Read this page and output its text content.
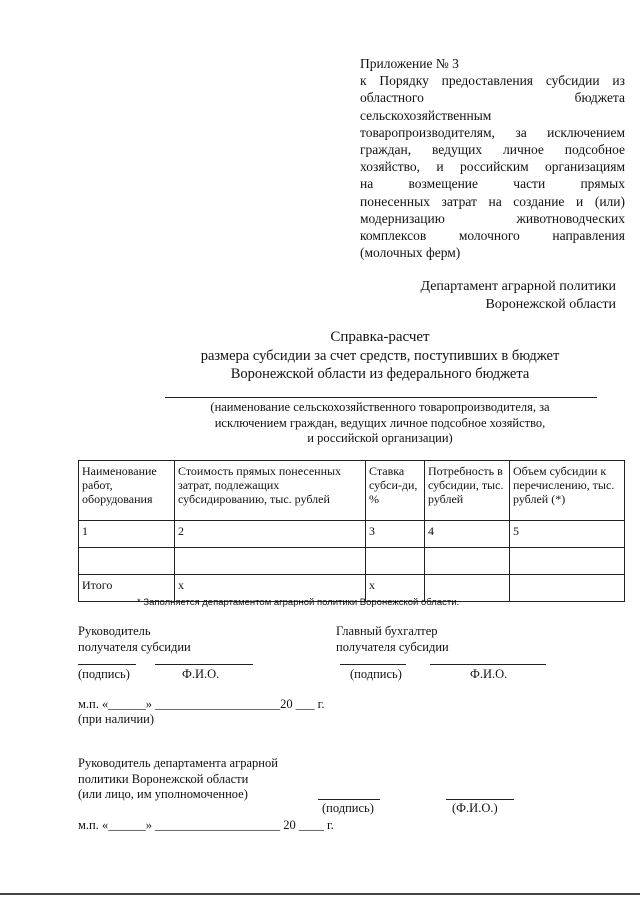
Приложение № 3
к Порядку предоставления субсидии из
областного бюджета
сельскохозяйственным
товаропроизводителям, за исключением
граждан, ведущих личное подсобное
хозяйство, и российским организациям
на возмещение части прямых
понесенных затрат на создание и (или)
модернизацию животноводческих
комплексов молочного направления
(молочных ферм)
Департамент аграрной политики
Воронежской области
Справка-расчет
размера субсидии за счет средств, поступивших в бюджет
Воронежской области из федерального бюджета
(наименование сельскохозяйственного товаропроизводителя, за
исключением граждан, ведущих личное подсобное хозяйство,
и российской организации)
Наименование работ, оборудования	Стоимость прямых понесенных затрат, подлежащих субсидированию, тыс. рублей	Ставка субси-ди, %	Потребность в субсидии, тыс. рублей	Объем субсидии к перечислению, тыс. рублей (*)
1	2	3	4	5

Итого	x	x		
* Заполняется департаментом аграрной политики Воронежской области.
Руководитель
получателя субсидии
Главный бухгалтер
получателя субсидии
(подпись)	Ф.И.О.	(подпись)	Ф.И.О.
м.п. «______» ____________________20 ___ г.
(при наличии)
Руководитель департамента аграрной
политики Воронежской области
(или лицо, им уполномоченное)
(подпись)	(Ф.И.О.)
м.п. «______» ____________________ 20 ____ г.
